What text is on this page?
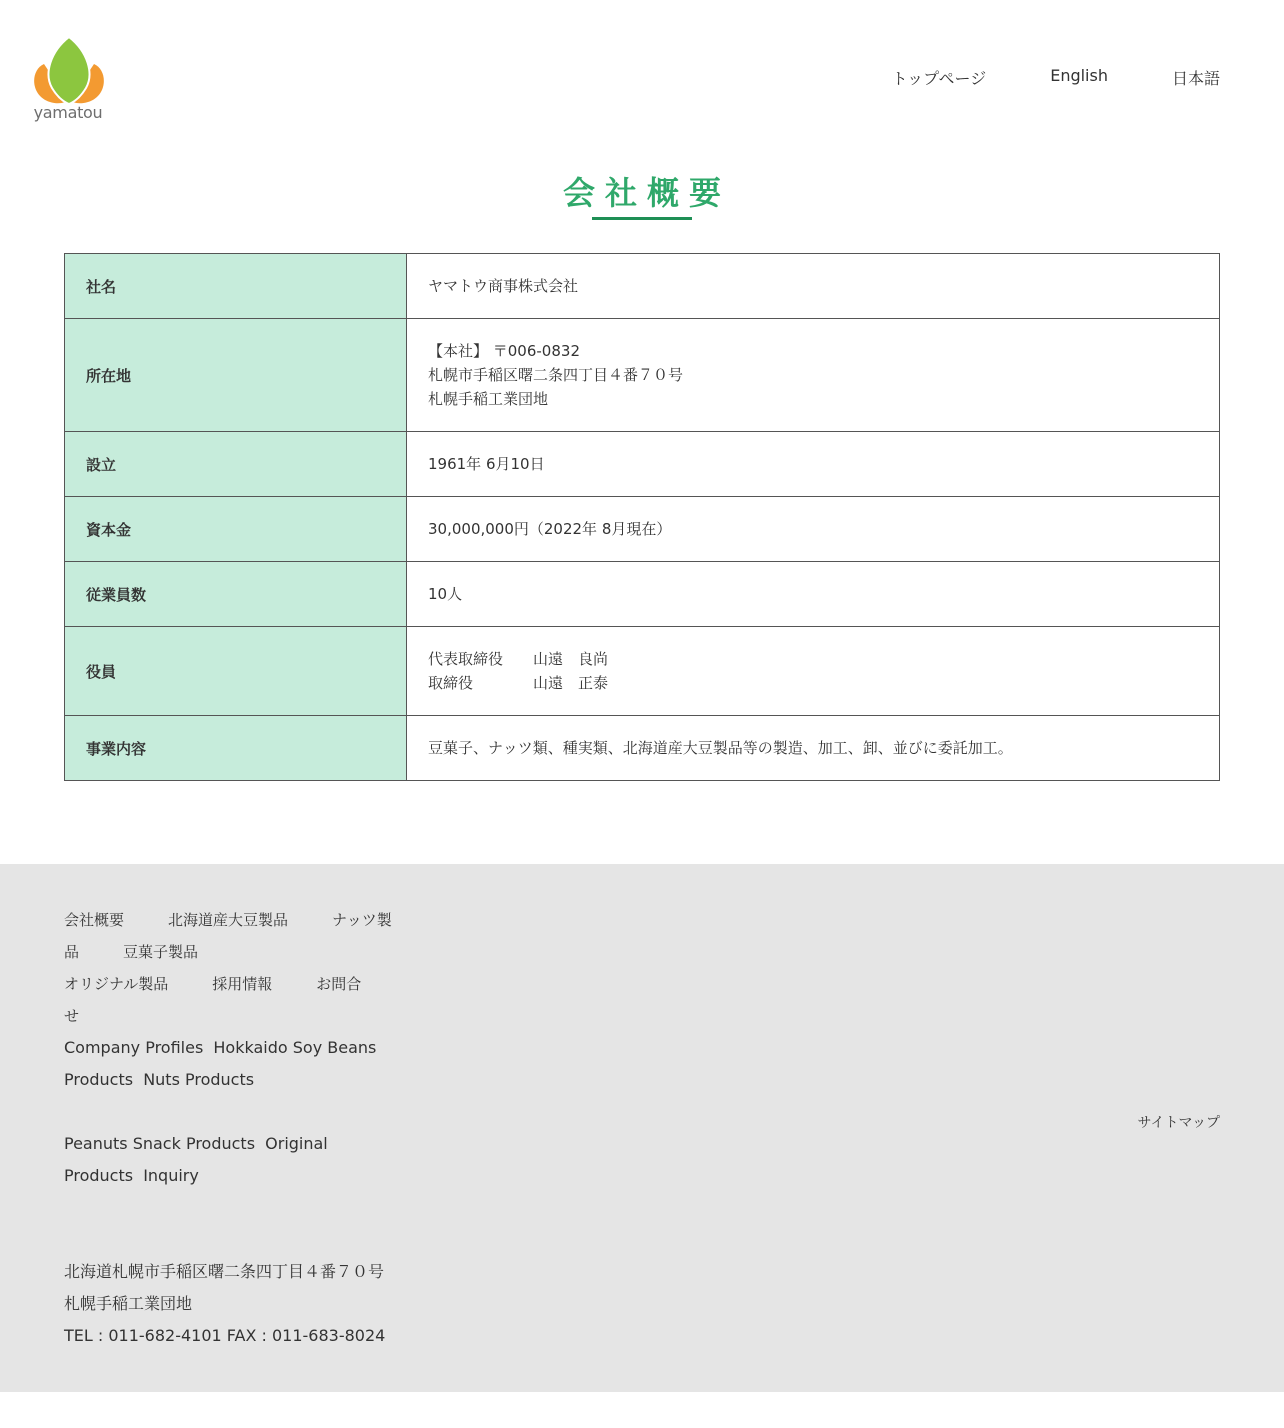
yamatou
トップページ	English	日本語
会社概要
社名	ヤマトウ商事株式会社

所在地	【本社】 〒006-0832
札幌市手稲区曙二条四丁目４番７０号
札幌手稲工業団地

設立	1961年 6月10日

資本金	30,000,000円（2022年 8月現在）

従業員数	10人

役員	代表取締役　　山遠　良尚
取締役　　　　山遠　正泰

事業内容	豆菓子、ナッツ類、種実類、北海道産大豆製品等の製造、加工、卸、並びに委託加工。
会社概要	北海道産大豆製品	ナッツ製品	豆菓子製品
オリジナル製品	採用情報	お問合せ
Company Profiles Hokkaido Soy Beans Products Nuts Products
Peanuts Snack Products Original Products Inquiry
サイトマップ
北海道札幌市手稲区曙二条四丁目４番７０号
札幌手稲工業団地
TEL : 011-682-4101 FAX : 011-683-8024
